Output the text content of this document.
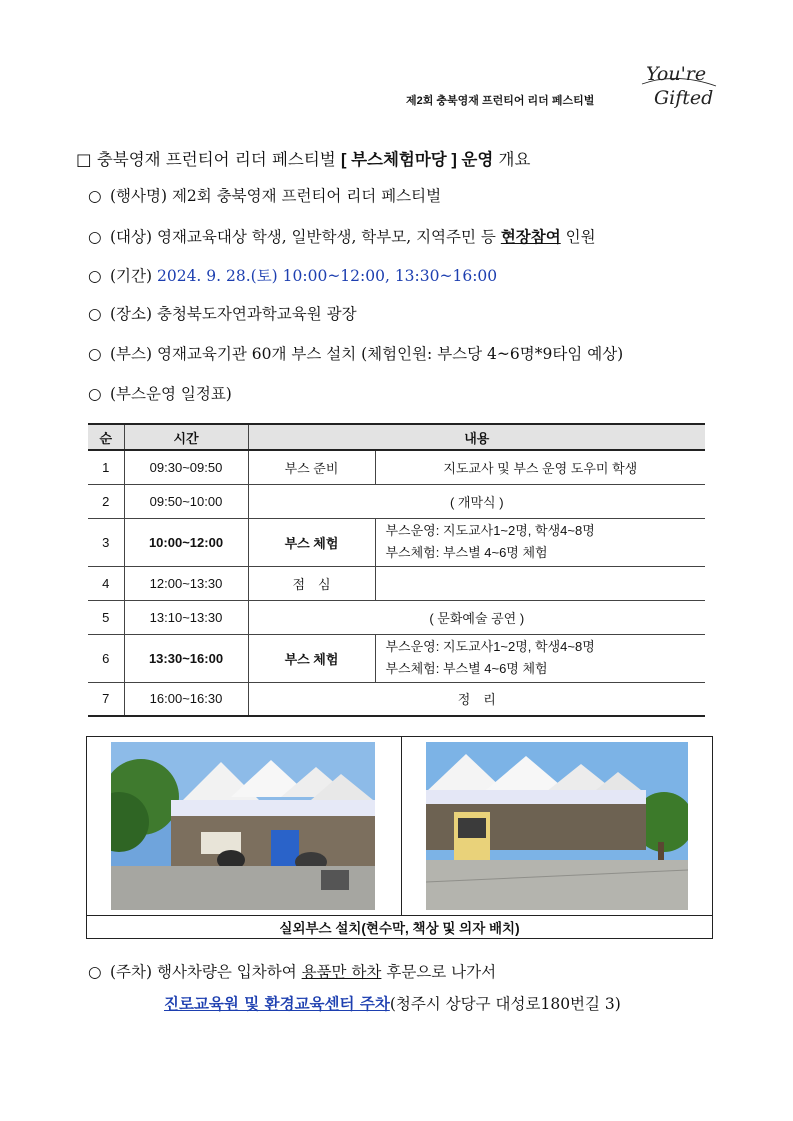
제2회 충북영재 프런티어 리더 페스티벌
You're
Gifted
□ 충북영재 프런티어 리더 페스티벌 [ 부스체험마당 ] 운영 개요
○ (행사명) 제2회 충북영재 프런티어 리더 페스티벌
○ (대상) 영재교육대상 학생, 일반학생, 학부모, 지역주민 등 현장참여 인원
○ (기간) 2024. 9. 28.(토) 10:00~12:00, 13:30~16:00
○ (장소) 충청북도자연과학교육원 광장
○ (부스) 영재교육기관 60개 부스 설치 (체험인원: 부스당 4~6명*9타임 예상)
○ (부스운영 일정표)
순	시간	내용	
1	09:30~09:50	부스 준비	지도교사 및 부스 운영 도우미 학생
2	09:50~10:00	( 개막식 )	
3	10:00~12:00	부스 체험	부스운영: 지도교사1~2명, 학생4~8명
부스체험: 부스별 4~6명 체험

4	12:00~13:30	점　심	
5	13:10~13:30	( 문화예술 공연 )	
6	13:30~16:00	부스 체험	부스운영: 지도교사1~2명, 학생4~8명
부스체험: 부스별 4~6명 체험

7	16:00~16:30	정　리	
실외부스 설치(현수막, 책상 및 의자 배치)
○ (주차) 행사차량은 입차하여 용품만 하차 후문으로 나가서
진로교육원 및 환경교육센터 주차(청주시 상당구 대성로180번길 3)
